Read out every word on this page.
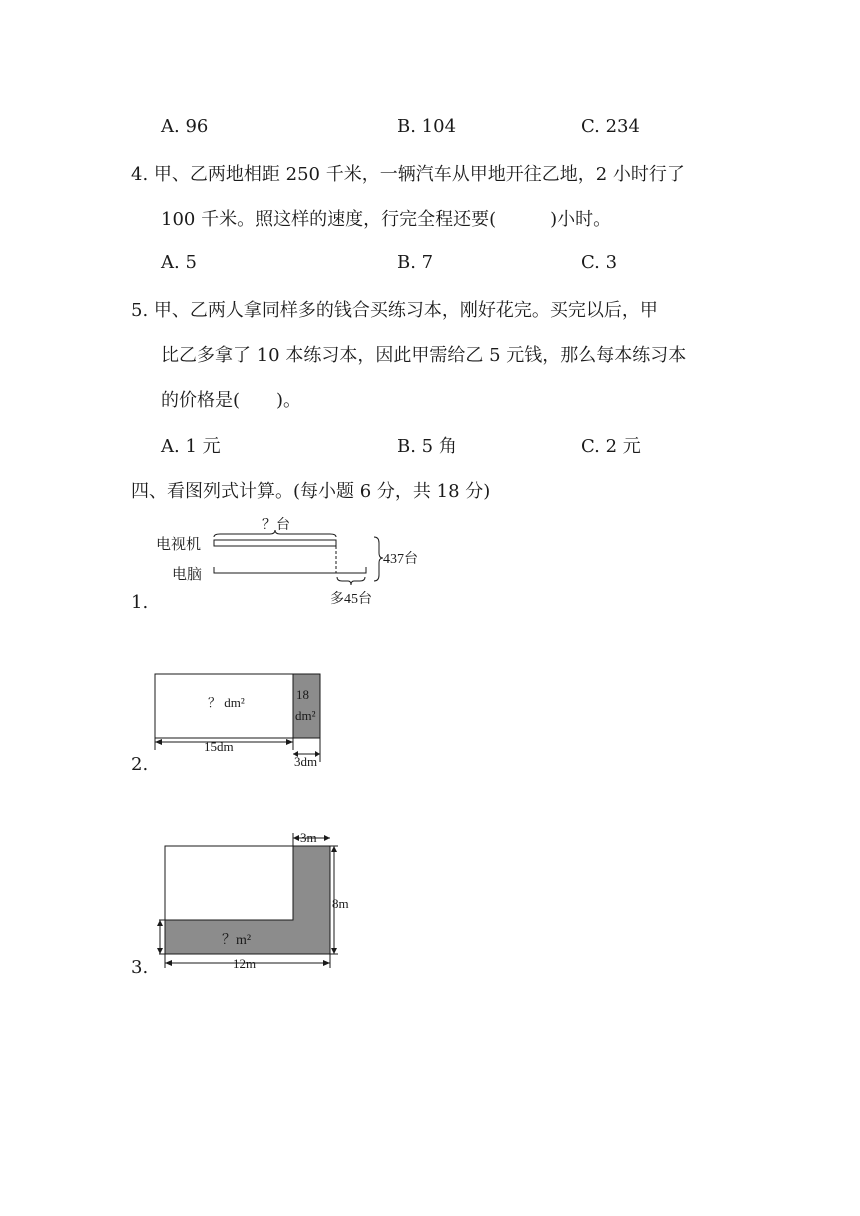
A. 96	B. 104	C. 234
4. 甲、乙两地相距 250 千米，一辆汽车从甲地开往乙地，2 小时行了
100 千米。照这样的速度，行完全程还要(　　　)小时。
A. 5	B. 7	C. 3
5. 甲、乙两人拿同样多的钱合买练习本，刚好花完。买完以后，甲
比乙多拿了 10 本练习本，因此甲需给乙 5 元钱，那么每本练习本
的价格是(　　)。
A. 1 元	B. 5 角	C. 2 元
四、看图列式计算。(每小题 6 分，共 18 分)
1.
电视机
电脑
？台
多45台
437台
2.
？ dm²
18
dm²
15dm
3dm
3.
？m²
3m
8m
12m
